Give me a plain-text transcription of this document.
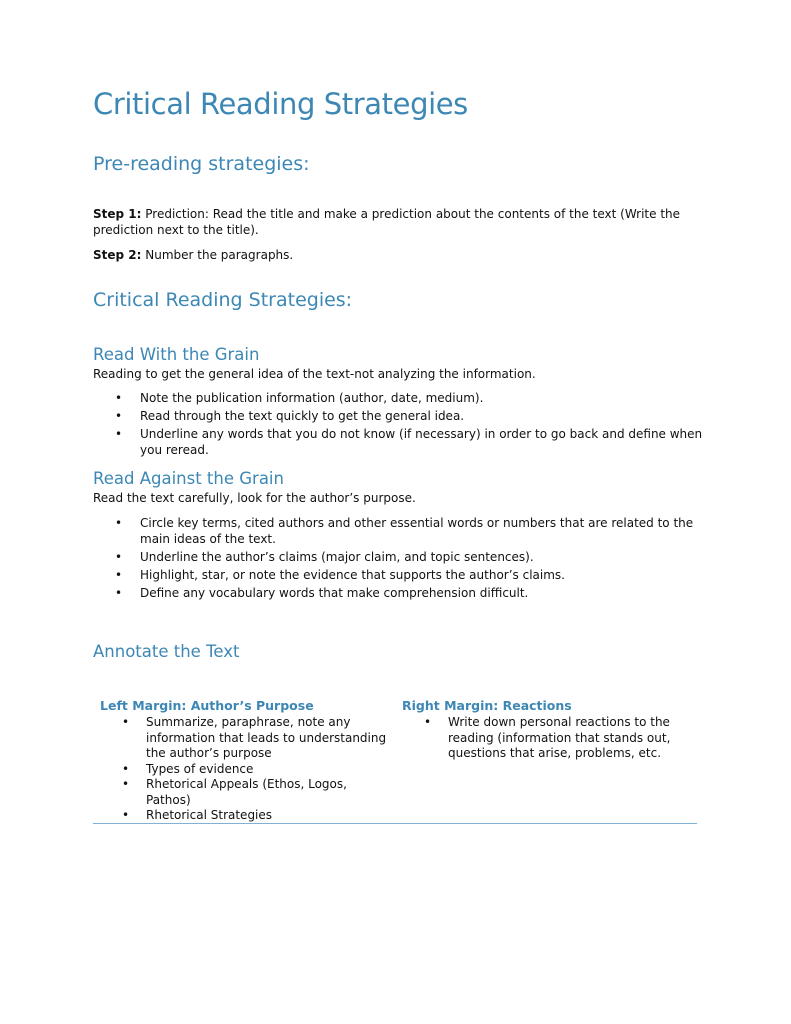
Critical Reading Strategies
Pre-reading strategies:

Step 1: Prediction: Read the title and make a prediction about the contents of the text (Write the prediction next to the title).

Step 2: Number the paragraphs.

Critical Reading Strategies:
Read With the Grain

Reading to get the general idea of the text-not analyzing the information.

• Note the publication information (author, date, medium).
• Read through the text quickly to get the general idea.
• Underline any words that you do not know (if necessary) in order to go back and define when you reread.
Read Against the Grain

Read the text carefully, look for the author’s purpose.

• Circle key terms, cited authors and other essential words or numbers that are related to the main ideas of the text.
• Underline the author’s claims (major claim, and topic sentences).
• Highlight, star, or note the evidence that supports the author’s claims.
• Define any vocabulary words that make comprehension difficult.
Annotate the Text
Left Margin: Author’s Purpose
• Summarize, paraphrase, note any information that leads to understanding the author’s purpose
• Types of evidence
• Rhetorical Appeals (Ethos, Logos, Pathos)
• Rhetorical Strategies
Right Margin: Reactions
• Write down personal reactions to the reading (information that stands out, questions that arise, problems, etc.
